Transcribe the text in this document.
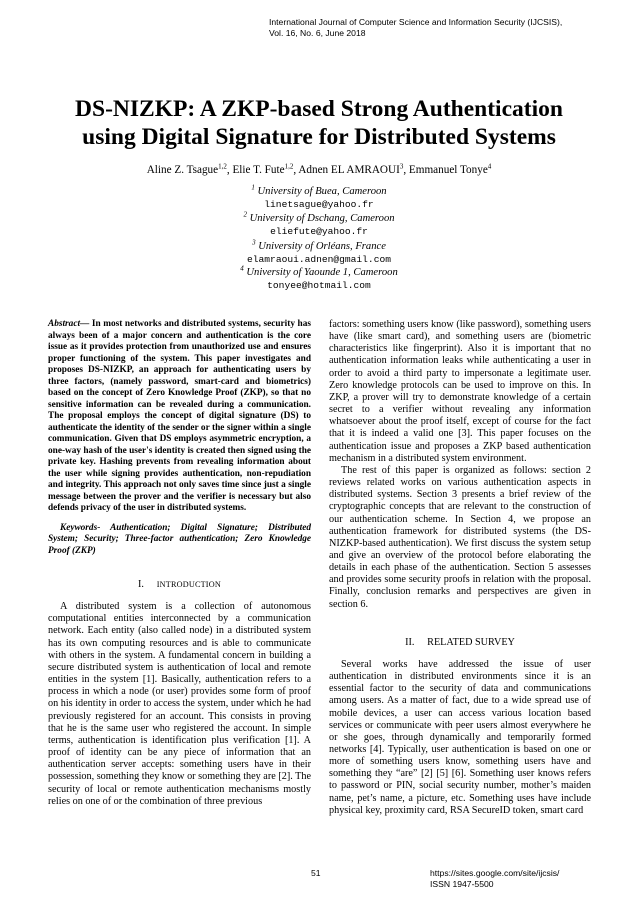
International Journal of Computer Science and Information Security (IJCSIS),
Vol. 16, No. 6, June 2018
DS-NIZKP: A ZKP-based Strong Authentication
using Digital Signature for Distributed Systems
Aline Z. Tsague$^{1,2}$, Elie T. Fute$^{1,2}$, Adnen EL AMRAOUI$^3$, Emmanuel Tonye$^4$
$^1$ University of Buea, Cameroon
linetsague@yahoo.fr
$^2$ University of Dschang, Cameroon
eliefute@yahoo.fr
$^3$ University of Orléans, France
elamraoui.adnen@gmail.com
$^4$ University of Yaounde 1, Cameroon
tonyee@hotmail.com

Abstract— In most networks and distributed systems, security has always been of a major concern and authentication is the core issue as it provides protection from unauthorized use and ensures proper functioning of the system. This paper investigates and proposes DS-NIZKP, an approach for authenticating users by three factors, (namely password, smart-card and biometrics) based on the concept of Zero Knowledge Proof (ZKP), so that no sensitive information can be revealed during a communication. The proposal employs the concept of digital signature (DS) to authenticate the identity of the sender or the signer within a single communication. Given that DS employs asymmetric encryption, a one-way hash of the user's identity is created then signed using the private key. Hashing prevents from revealing information about the user while signing provides authentication, non-repudiation and integrity. This approach not only saves time since just a single message between the prover and the verifier is necessary but also defends privacy of the user in distributed systems.

Keywords- Authentication; Digital Signature; Distributed System; Security; Three-factor authentication; Zero Knowledge Proof (ZKP)

I. INTRODUCTION

A distributed system is a collection of autonomous computational entities interconnected by a communication network. Each entity (also called node) in a distributed system has its own computing resources and is able to communicate with others in the system. A fundamental concern in building a secure distributed system is authentication of local and remote entities in the system [1]. Basically, authentication refers to a process in which a node (or user) provides some form of proof on his identity in order to access the system, under which he had previously registered for an account. This consists in proving that he is the same user who registered the account. In simple terms, authentication is identification plus verification [1]. A proof of identity can be any piece of information that an authentication server accepts: something users have in their possession, something they know or something they are [2]. The security of local or remote authentication mechanisms mostly relies on one of or the combination of three previous

factors: something users know (like password), something users have (like smart card), and something users are (biometric characteristics like fingerprint). Also it is important that no authentication information leaks while authenticating a user in order to avoid a third party to impersonate a legitimate user. Zero knowledge protocols can be used to improve on this. In ZKP, a prover will try to demonstrate knowledge of a certain secret to a verifier without revealing any information whatsoever about the proof itself, except of course for the fact that it is indeed a valid one [3]. This paper focuses on the authentication issue and proposes a ZKP based authentication mechanism in a distributed system environment.

The rest of this paper is organized as follows: section 2 reviews related works on various authentication aspects in distributed systems. Section 3 presents a brief review of the cryptographic concepts that are relevant to the construction of our authentication scheme. In Section 4, we propose an authentication framework for distributed systems (the DS-NIZKP-based authentication). We first discuss the system setup and give an overview of the protocol before elaborating the details in each phase of the authentication. Section 5 assesses and provides some security proofs in relation with the proposal. Finally, conclusion remarks and perspectives are given in section 6.

II. RELATED SURVEY

Several works have addressed the issue of user authentication in distributed environments since it is an essential factor to the security of data and communications among users. As a matter of fact, due to a wide spread use of mobile devices, a user can access various location based services or communicate with peer users almost everywhere he or she goes, through dynamically and temporarily formed networks [4]. Typically, user authentication is based on one or more of something users know, something users have and something they “are” [2] [5] [6]. Something user knows refers to password or PIN, social security number, mother’s maiden name, pet’s name, a picture, etc. Something uses have include physical key, proximity card, RSA SecureID token, smart card

51	https://sites.google.com/site/ijcsis/
ISSN 1947-5500
